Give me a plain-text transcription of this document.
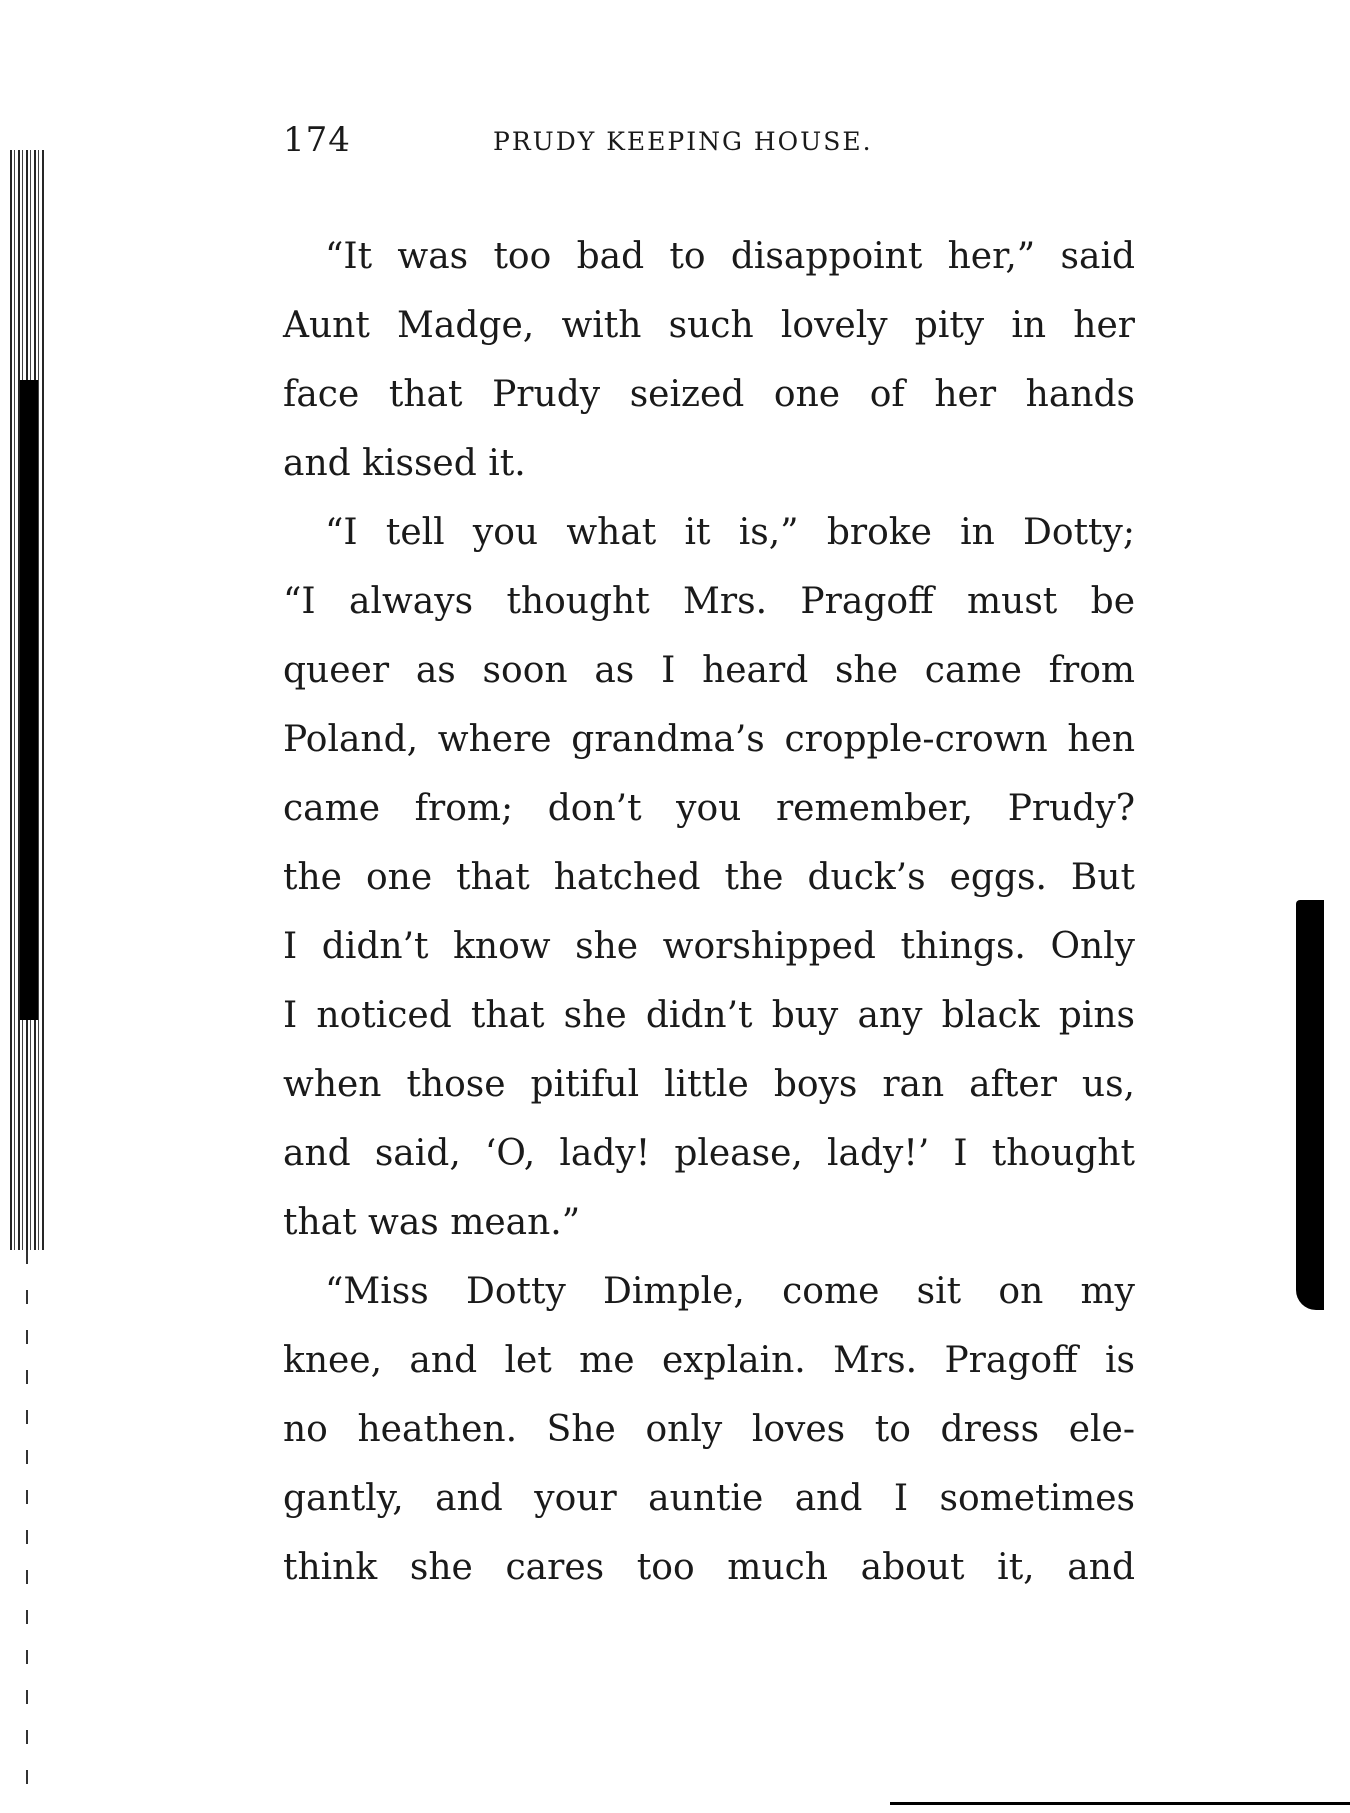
174	PRUDY KEEPING HOUSE.
“It was too bad to disappoint her,” said
Aunt Madge, with such lovely pity in her
face that Prudy seized one of her hands
and kissed it.
“I tell you what it is,” broke in Dotty;
“I always thought Mrs. Pragoff must be
queer as soon as I heard she came from
Poland, where grandma’s cropple-crown hen
came from; don’t you remember, Prudy?
the one that hatched the duck’s eggs. But
I didn’t know she worshipped things. Only
I noticed that she didn’t buy any black pins
when those pitiful little boys ran after us,
and said, ‘O, lady! please, lady!’ I thought
that was mean.”
“Miss Dotty Dimple, come sit on my
knee, and let me explain. Mrs. Pragoff is
no heathen. She only loves to dress ele-
gantly, and your auntie and I sometimes
think she cares too much about it, and
